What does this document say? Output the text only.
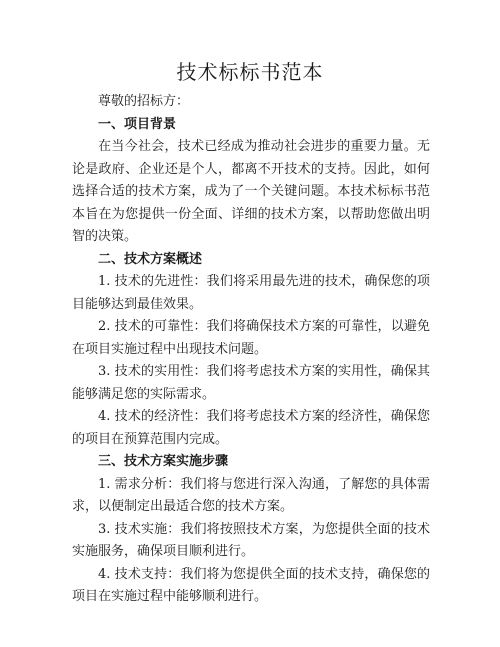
技术标标书范本

尊敬的招标方：

一、项目背景

在当今社会，技术已经成为推动社会进步的重要力量。无论是政府、企业还是个人，都离不开技术的支持。因此，如何选择合适的技术方案，成为了一个关键问题。本技术标标书范本旨在为您提供一份全面、详细的技术方案，以帮助您做出明智的决策。

二、技术方案概述

1. 技术的先进性：我们将采用最先进的技术，确保您的项目能够达到最佳效果。

2. 技术的可靠性：我们将确保技术方案的可靠性，以避免在项目实施过程中出现技术问题。

3. 技术的实用性：我们将考虑技术方案的实用性，确保其能够满足您的实际需求。

4. 技术的经济性：我们将考虑技术方案的经济性，确保您的项目在预算范围内完成。

三、技术方案实施步骤

1. 需求分析：我们将与您进行深入沟通，了解您的具体需求，以便制定出最适合您的技术方案。

3. 技术实施：我们将按照技术方案，为您提供全面的技术实施服务，确保项目顺利进行。

4. 技术支持：我们将为您提供全面的技术支持，确保您的项目在实施过程中能够顺利进行。
